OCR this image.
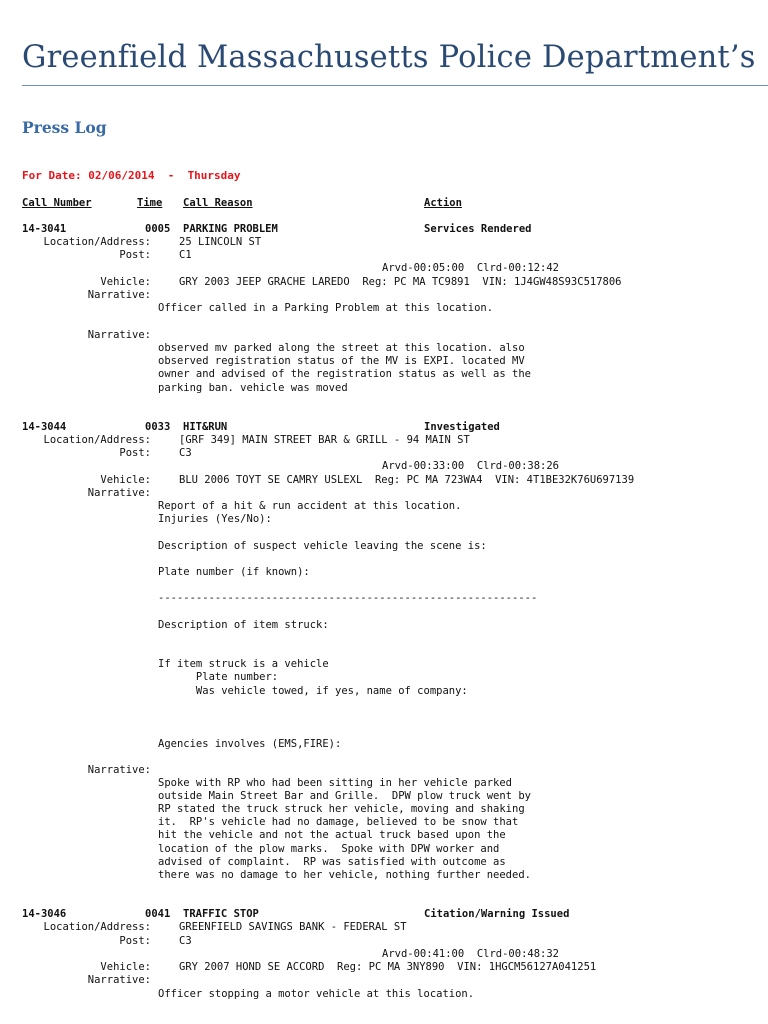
Greenfield Massachusetts Police Department’s
Press Log
For Date: 02/06/2014  -  Thursday
Call Number	Time Call Reason	Action
14-3041	0005 PARKING PROBLEM	Services Rendered
Location/Address:	25 LINCOLN ST
Post:	C1
Arvd-00:05:00  Clrd-00:12:42
Vehicle:	GRY 2003 JEEP GRACHE LAREDO  Reg: PC MA TC9891  VIN: 1J4GW48S93C517806
Narrative:
Officer called in a Parking Problem at this location.
Narrative:
observed mv parked along the street at this location. also
observed registration status of the MV is EXPI. located MV
owner and advised of the registration status as well as the
parking ban. vehicle was moved
14-3044	0033 HIT&RUN	Investigated
Location/Address:	[GRF 349] MAIN STREET BAR & GRILL - 94 MAIN ST
Post:	C3
Arvd-00:33:00  Clrd-00:38:26
Vehicle:	BLU 2006 TOYT SE CAMRY USLEXL  Reg: PC MA 723WA4  VIN: 4T1BE32K76U697139
Narrative:
Report of a hit & run accident at this location.
Injuries (Yes/No):
Description of suspect vehicle leaving the scene is:
Plate number (if known):
------------------------------------------------------------
Description of item struck:
If item struck is a vehicle
Plate number:
Was vehicle towed, if yes, name of company:
Agencies involves (EMS,FIRE):
Narrative:
Spoke with RP who had been sitting in her vehicle parked
outside Main Street Bar and Grille.  DPW plow truck went by
RP stated the truck struck her vehicle, moving and shaking
it.  RP's vehicle had no damage, believed to be snow that
hit the vehicle and not the actual truck based upon the
location of the plow marks.  Spoke with DPW worker and
advised of complaint.  RP was satisfied with outcome as
there was no damage to her vehicle, nothing further needed.
14-3046	0041 TRAFFIC STOP	Citation/Warning Issued
Location/Address:	GREENFIELD SAVINGS BANK - FEDERAL ST
Post:	C3
Arvd-00:41:00  Clrd-00:48:32
Vehicle:	GRY 2007 HOND SE ACCORD  Reg: PC MA 3NY890  VIN: 1HGCM56127A041251
Narrative:
Officer stopping a motor vehicle at this location.
